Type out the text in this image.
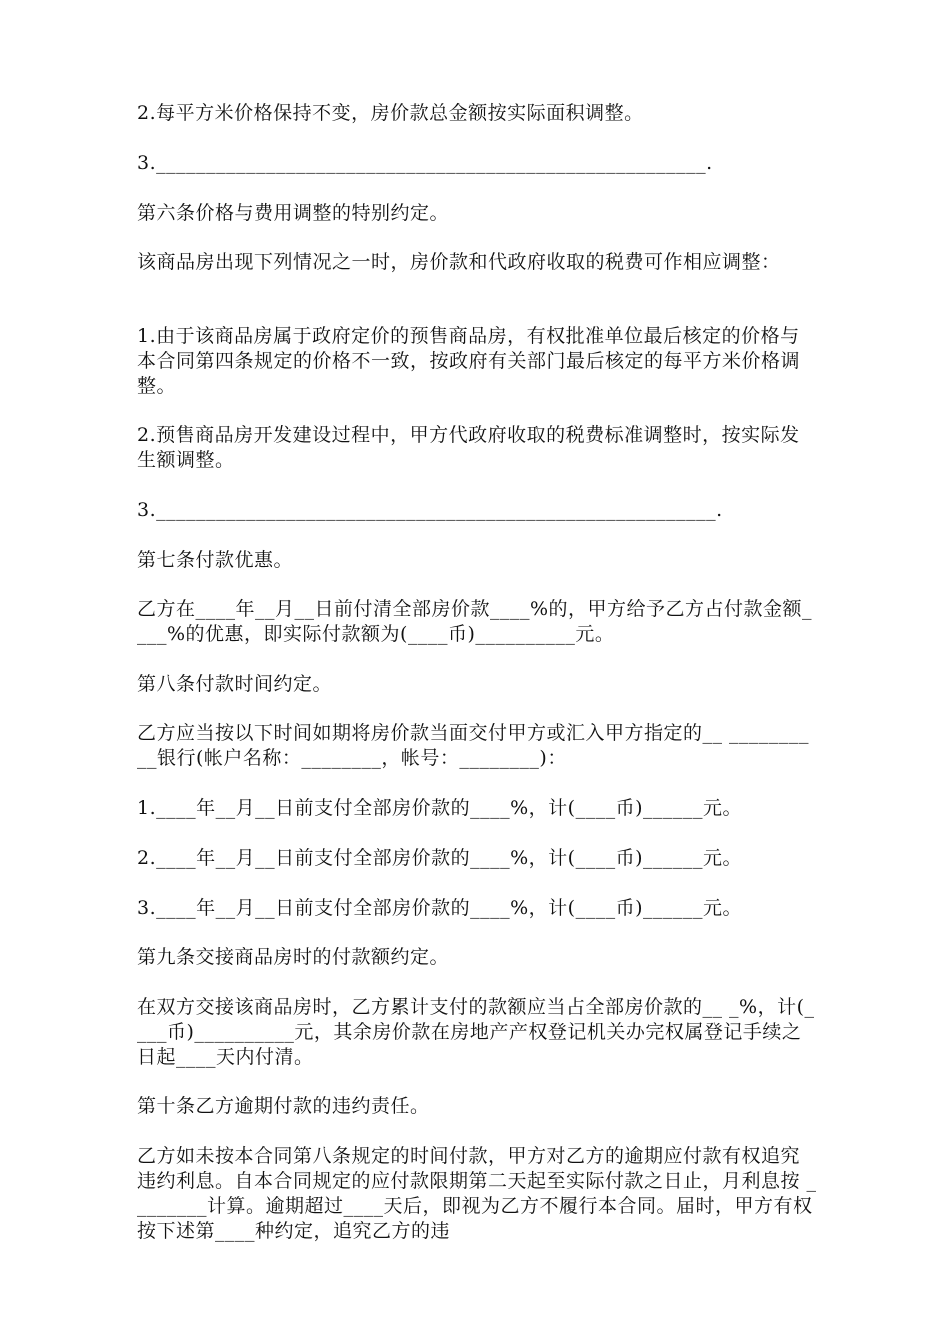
2.每平方米价格保持不变，房价款总金额按实际面积调整。

3._______________________________________________________.

第六条价格与费用调整的特别约定。

该商品房出现下列情况之一时，房价款和代政府收取的税费可作相应调整：

1.由于该商品房属于政府定价的预售商品房，有权批准单位最后核定的价格与本合同第四条规定的价格不一致，按政府有关部门最后核定的每平方米价格调整。

2.预售商品房开发建设过程中，甲方代政府收取的税费标准调整时，按实际发生额调整。

3.________________________________________________________.

第七条付款优惠。

乙方在____年__月__日前付清全部房价款____%的，甲方给予乙方占付款金额____%的优惠，即实际付款额为(____币)__________元。

第八条付款时间约定。

乙方应当按以下时间如期将房价款当面交付甲方或汇入甲方指定的__ __________银行(帐户名称：________，帐号：________)：

1.____年__月__日前支付全部房价款的____%，计(____币)______元。

2.____年__月__日前支付全部房价款的____%，计(____币)______元。

3.____年__月__日前支付全部房价款的____%，计(____币)______元。

第九条交接商品房时的付款额约定。

在双方交接该商品房时，乙方累计支付的款额应当占全部房价款的__ _%，计(____币)__________元，其余房价款在房地产产权登记机关办完权属登记手续之日起____天内付清。

第十条乙方逾期付款的违约责任。

乙方如未按本合同第八条规定的时间付款，甲方对乙方的逾期应付款有权追究违约利息。自本合同规定的应付款限期第二天起至实际付款之日止，月利息按 ________计算。逾期超过____天后，即视为乙方不履行本合同。届时，甲方有权按下述第____种约定，追究乙方的违
